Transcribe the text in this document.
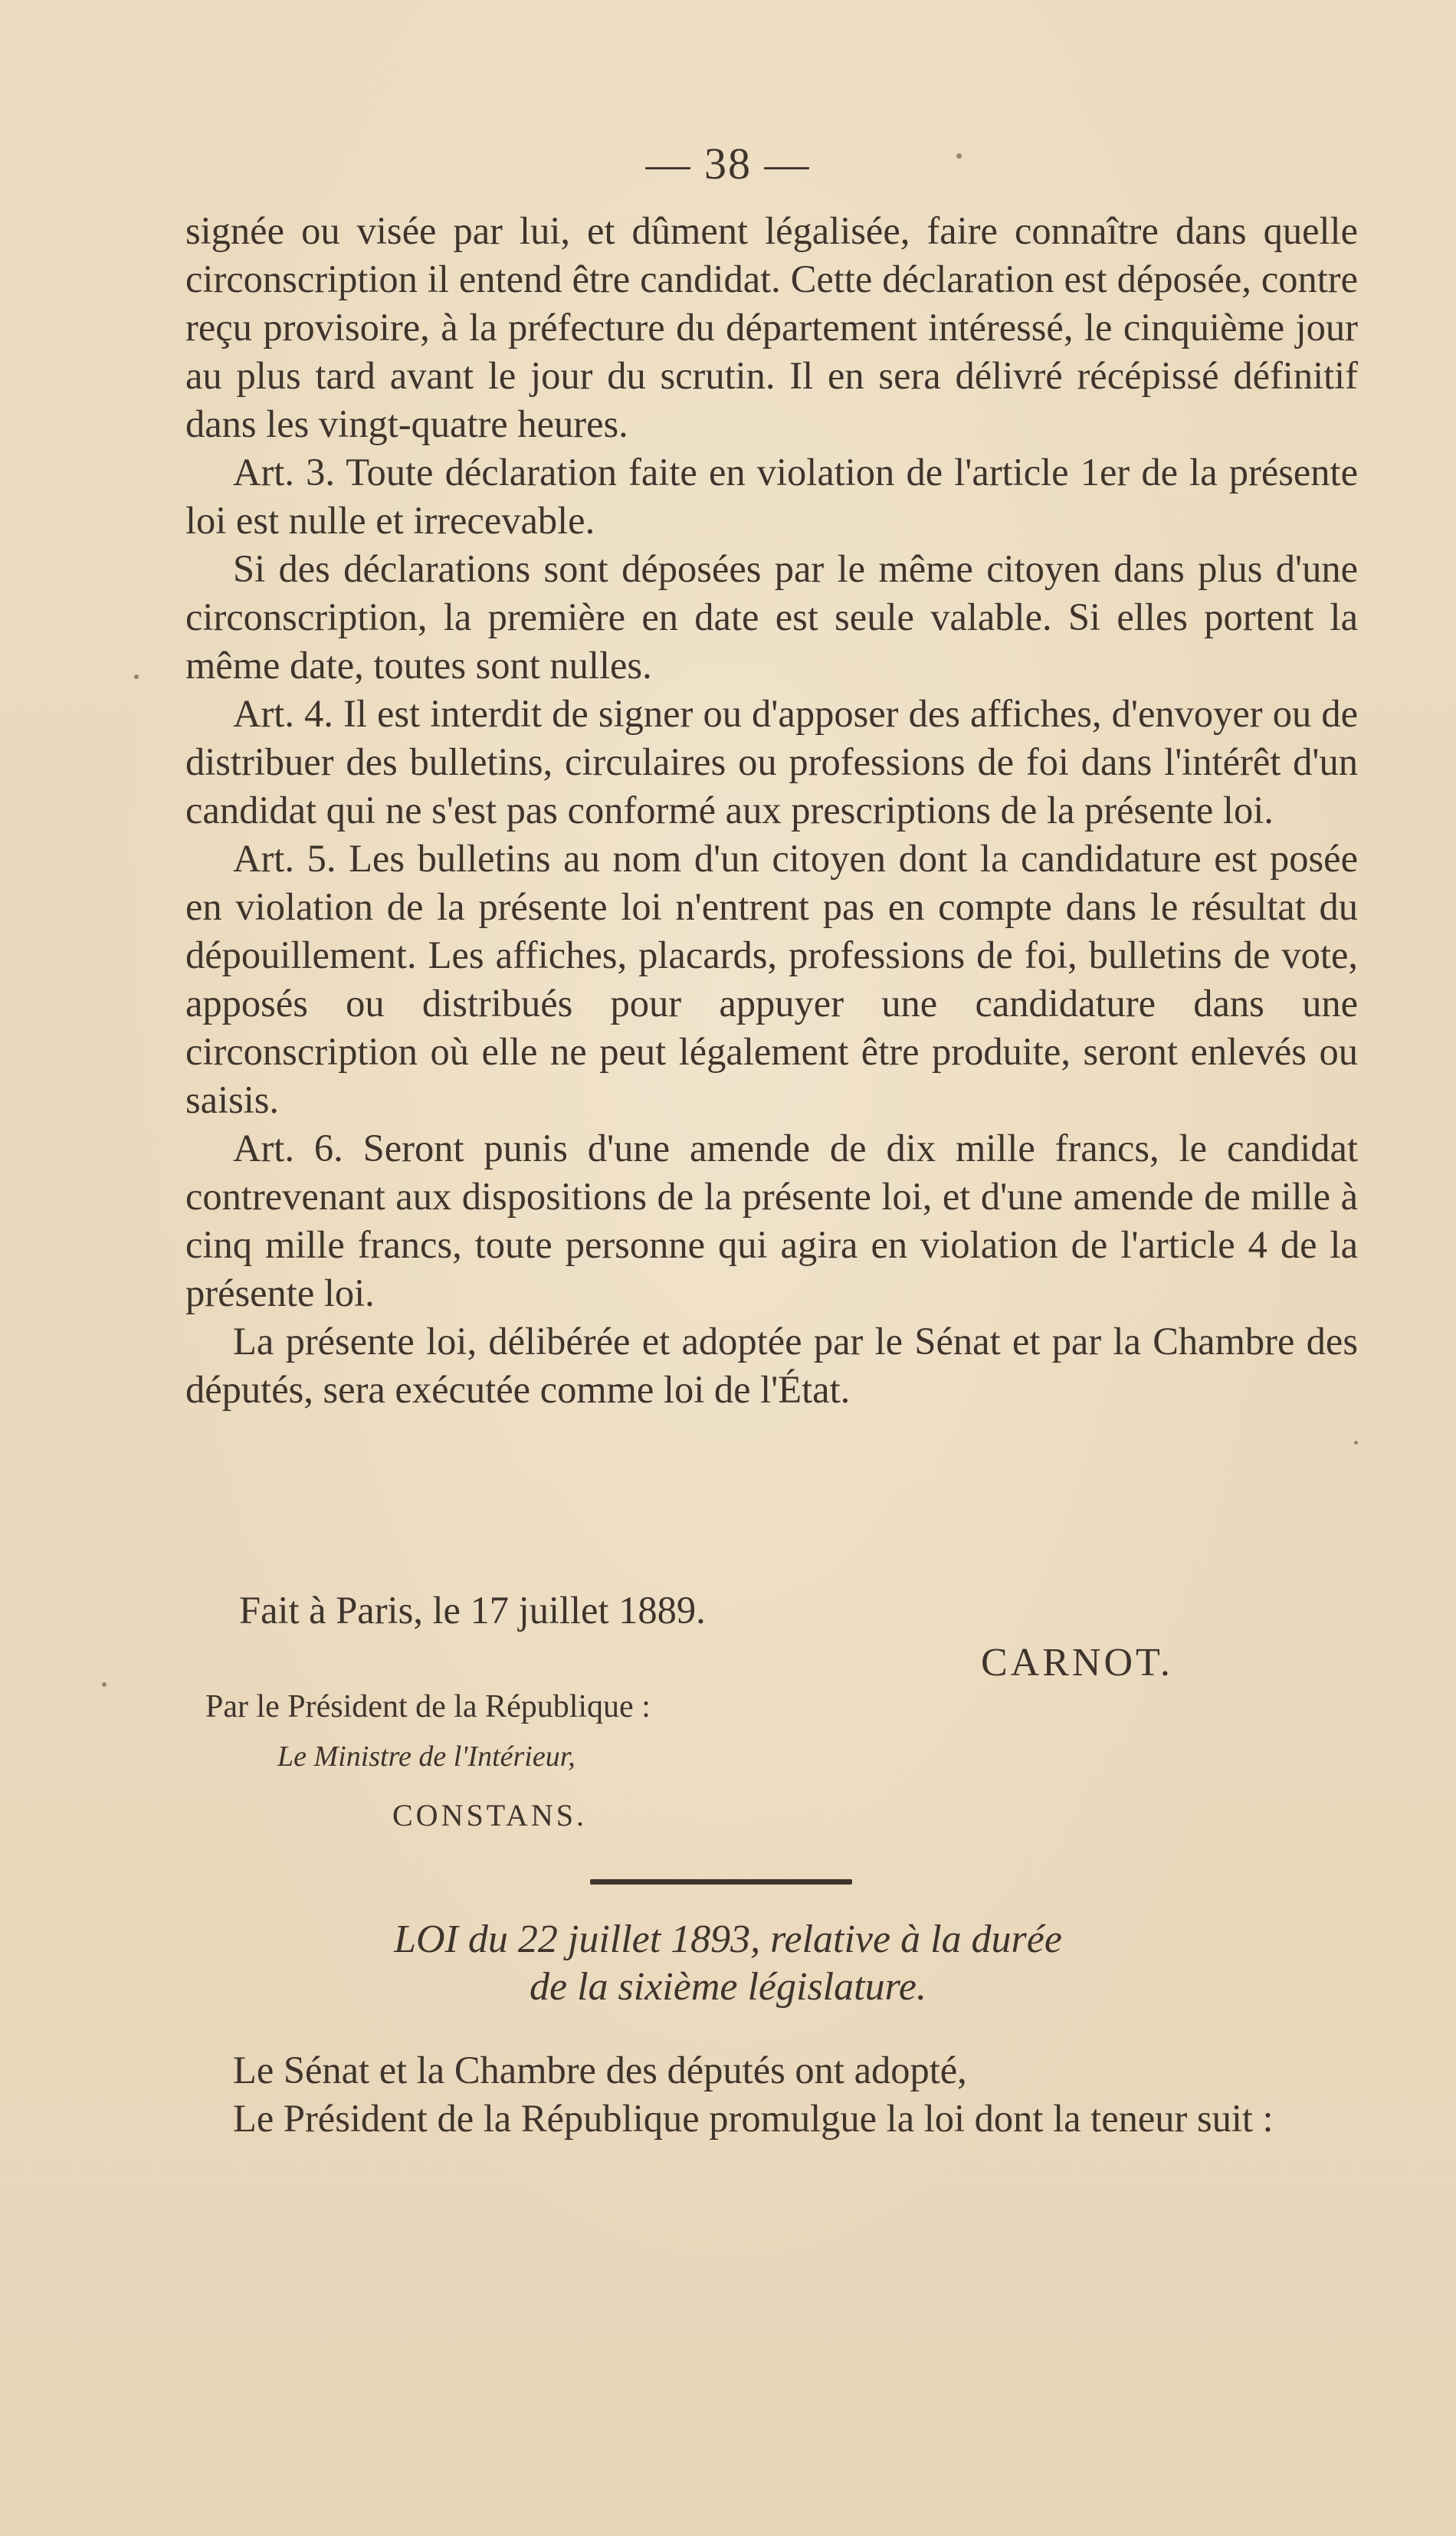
— 38 —

signée ou visée par lui, et dûment légalisée, faire connaître dans quelle circonscription il entend être candidat. Cette déclaration est déposée, contre reçu provisoire, à la préfecture du département intéressé, le cinquième jour au plus tard avant le jour du scrutin. Il en sera délivré récépissé définitif dans les vingt-quatre heures.

Art. 3. Toute déclaration faite en violation de l'article 1er de la présente loi est nulle et irrecevable.

Si des déclarations sont déposées par le même citoyen dans plus d'une circonscription, la première en date est seule valable. Si elles portent la même date, toutes sont nulles.

Art. 4. Il est interdit de signer ou d'apposer des affiches, d'envoyer ou de distribuer des bulletins, circulaires ou professions de foi dans l'intérêt d'un candidat qui ne s'est pas conformé aux prescriptions de la présente loi.

Art. 5. Les bulletins au nom d'un citoyen dont la candidature est posée en violation de la présente loi n'entrent pas en compte dans le résultat du dépouillement. Les affiches, placards, professions de foi, bulletins de vote, apposés ou distribués pour appuyer une candidature dans une circonscription où elle ne peut légalement être produite, seront enlevés ou saisis.

Art. 6. Seront punis d'une amende de dix mille francs, le candidat contrevenant aux dispositions de la présente loi, et d'une amende de mille à cinq mille francs, toute personne qui agira en violation de l'article 4 de la présente loi.

La présente loi, délibérée et adoptée par le Sénat et par la Chambre des députés, sera exécutée comme loi de l'État.

Fait à Paris, le 17 juillet 1889.

CARNOT.

Par le Président de la République :

Le Ministre de l'Intérieur,

CONSTANS.

LOI du 22 juillet 1893, relative à la durée
de la sixième législature.

Le Sénat et la Chambre des députés ont adopté,

Le Président de la République promulgue la loi dont la teneur suit :
